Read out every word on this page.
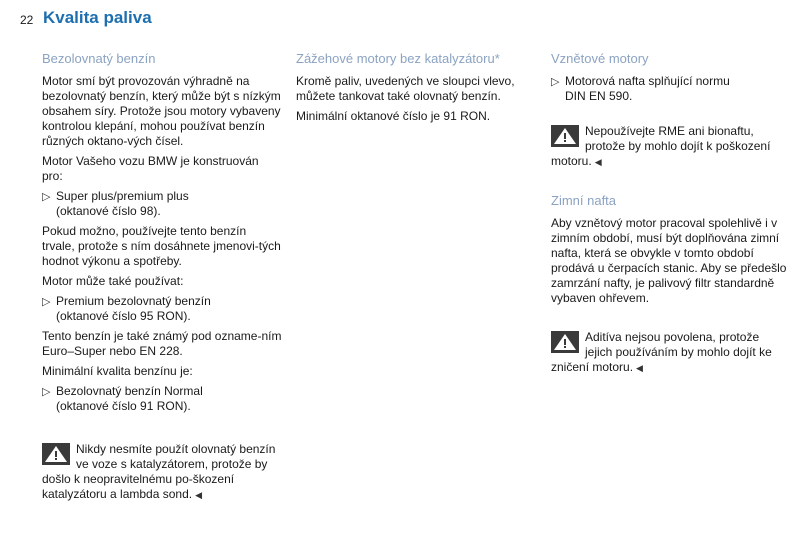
22 Kvalita paliva
Bezolovnatý benzín

Motor smí být provozován výhradně na bezolovnatý benzín, který může být s nízkým obsahem síry. Protože jsou motory vybaveny kontrolou klepání, mohou používat benzín různých oktano-vých čísel.

Motor Vašeho vozu BMW je konstruován pro:

▷ Super plus/premium plus
(oktanové číslo 98).

Pokud možno, používejte tento benzín trvale, protože s ním dosáhnete jmenovi-tých hodnot výkonu a spotřeby.

Motor může také používat:

▷ Premium bezolovnatý benzín
(oktanové číslo 95 RON).

Tento benzín je také známý pod ozname-ním Euro–Super nebo EN 228.

Minimální kvalita benzínu je:

▷ Bezolovnatý benzín Normal
(oktanové číslo 91 RON).
Nikdy nesmíte použít olovnatý benzín ve voze s katalyzátorem, protože by došlo k neopravitelnému po-škození katalyzátoru a lambda sond. ◀
Zážehové motory bez katalyzátoru*

Kromě paliv, uvedených ve sloupci vlevo, můžete tankovat také olovnatý benzín.

Minimální oktanové číslo je 91 RON.

Vznětové motory
▷ Motorová nafta splňující normu
DIN EN 590.
Nepoužívejte RME ani bionaftu, protože by mohlo dojít k poškození motoru. ◀
Zimní nafta

Aby vznětový motor pracoval spolehlivě i v zimním období, musí být doplňována zimní nafta, která se obvykle v tomto období prodává u čerpacích stanic. Aby se předešlo zamrzání nafty, je palivový filtr standardně vybaven ohřevem.

Aditíva nejsou povolena, protože jejich používáním by mohlo dojít ke zničení motoru. ◀
